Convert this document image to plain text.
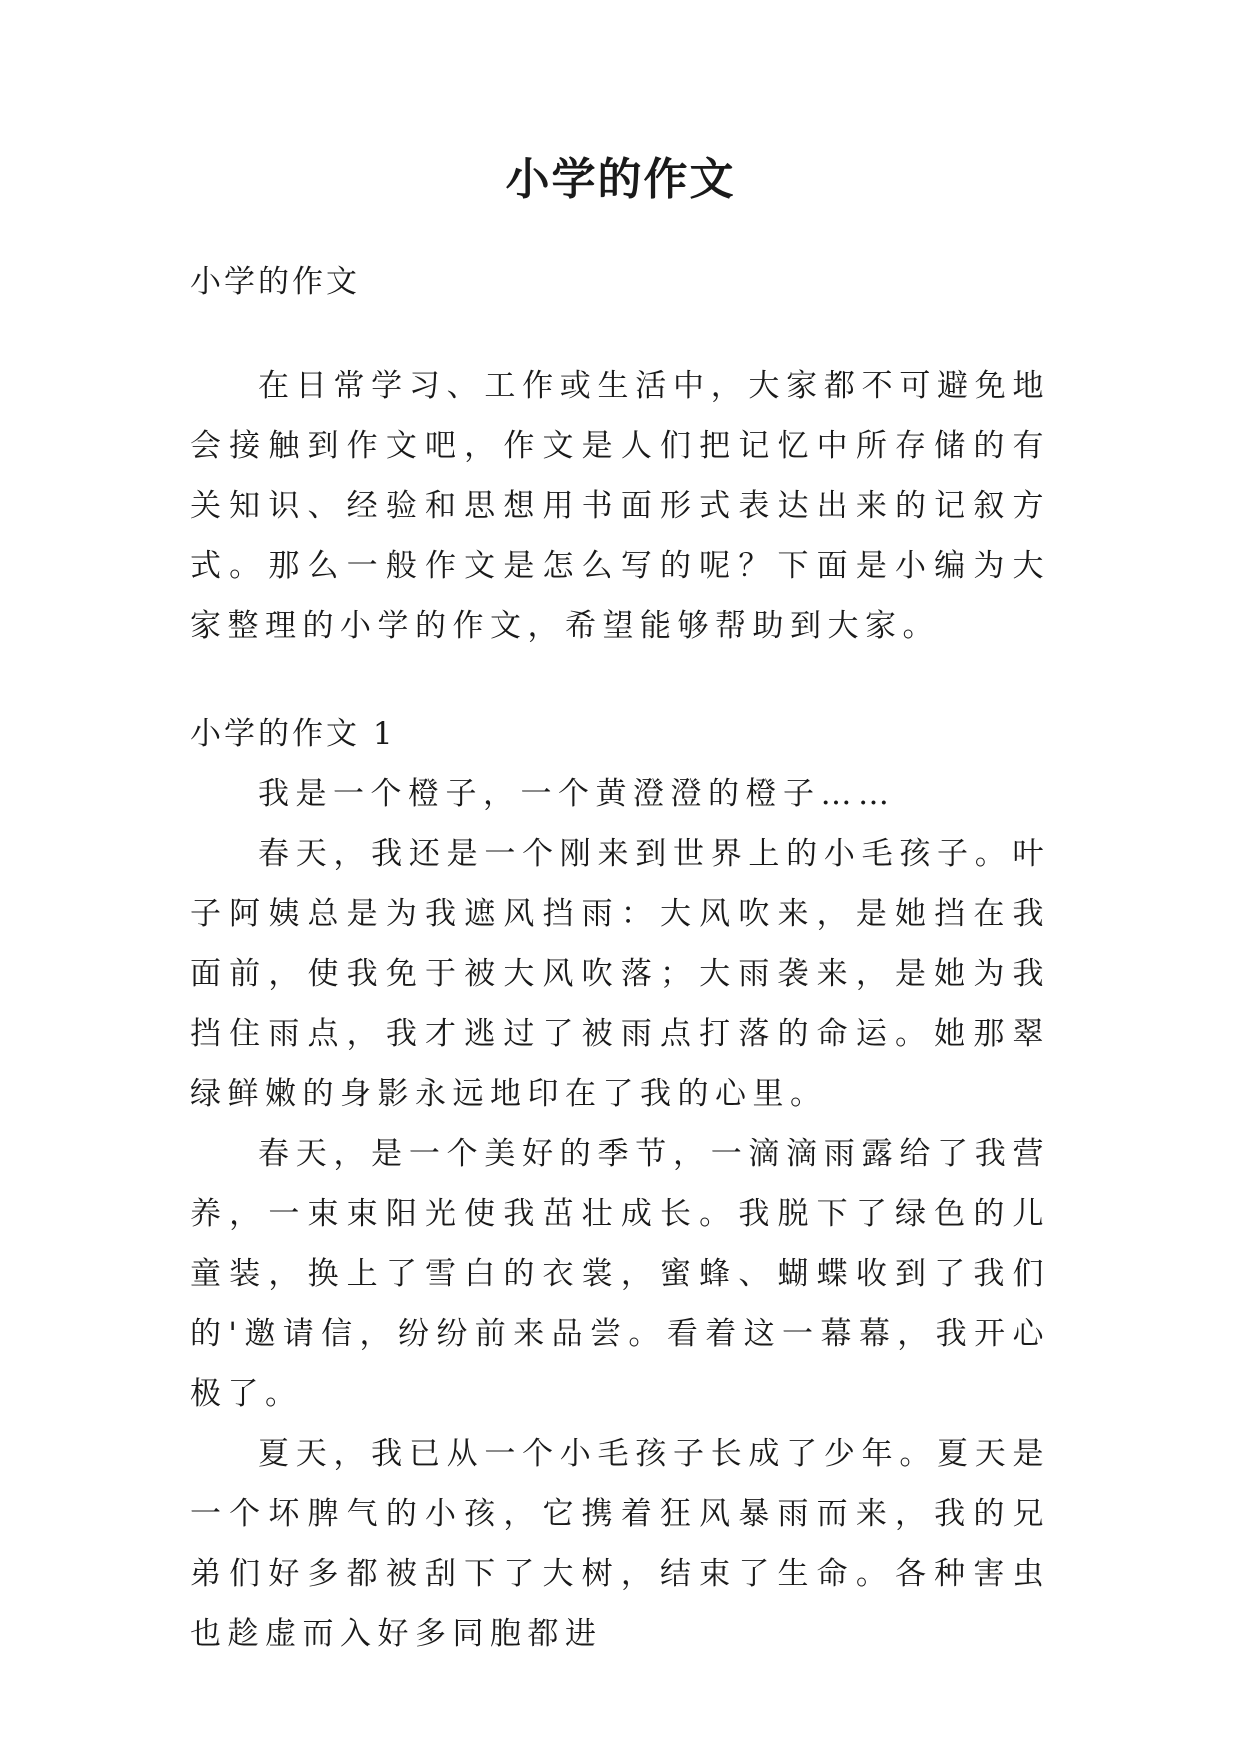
小学的作文

小学的作文

在日常学习、工作或生活中，大家都不可避免地会接触到作文吧，作文是人们把记忆中所存储的有关知识、经验和思想用书面形式表达出来的记叙方式。那么一般作文是怎么写的呢？下面是小编为大家整理的小学的作文，希望能够帮助到大家。

小学的作文 1

我是一个橙子，一个黄澄澄的橙子……

春天，我还是一个刚来到世界上的小毛孩子。叶子阿姨总是为我遮风挡雨：大风吹来，是她挡在我面前，使我免于被大风吹落；大雨袭来，是她为我挡住雨点，我才逃过了被雨点打落的命运。她那翠绿鲜嫩的身影永远地印在了我的心里。

春天，是一个美好的季节，一滴滴雨露给了我营养，一束束阳光使我茁壮成长。我脱下了绿色的儿童装，换上了雪白的衣裳，蜜蜂、蝴蝶收到了我们的'邀请信，纷纷前来品尝。看着这一幕幕，我开心极了。

夏天，我已从一个小毛孩子长成了少年。夏天是一个坏脾气的小孩，它携着狂风暴雨而来，我的兄弟们好多都被刮下了大树，结束了生命。各种害虫也趁虚而入好多同胞都进
